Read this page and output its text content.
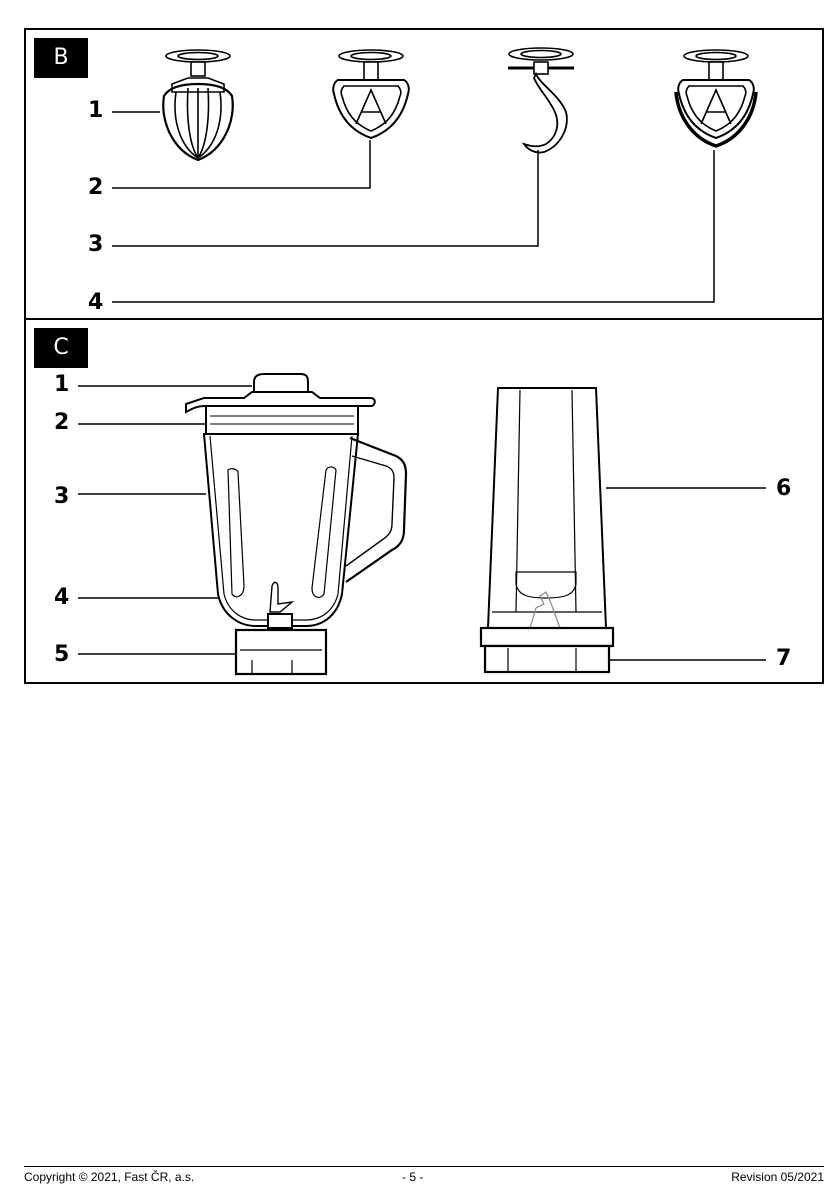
B
C
1
2
3
4
1
2
3
4
5
6
7
Copyright © 2021, Fast ČR, a.s.	- 5 -	Revision 05/2021
